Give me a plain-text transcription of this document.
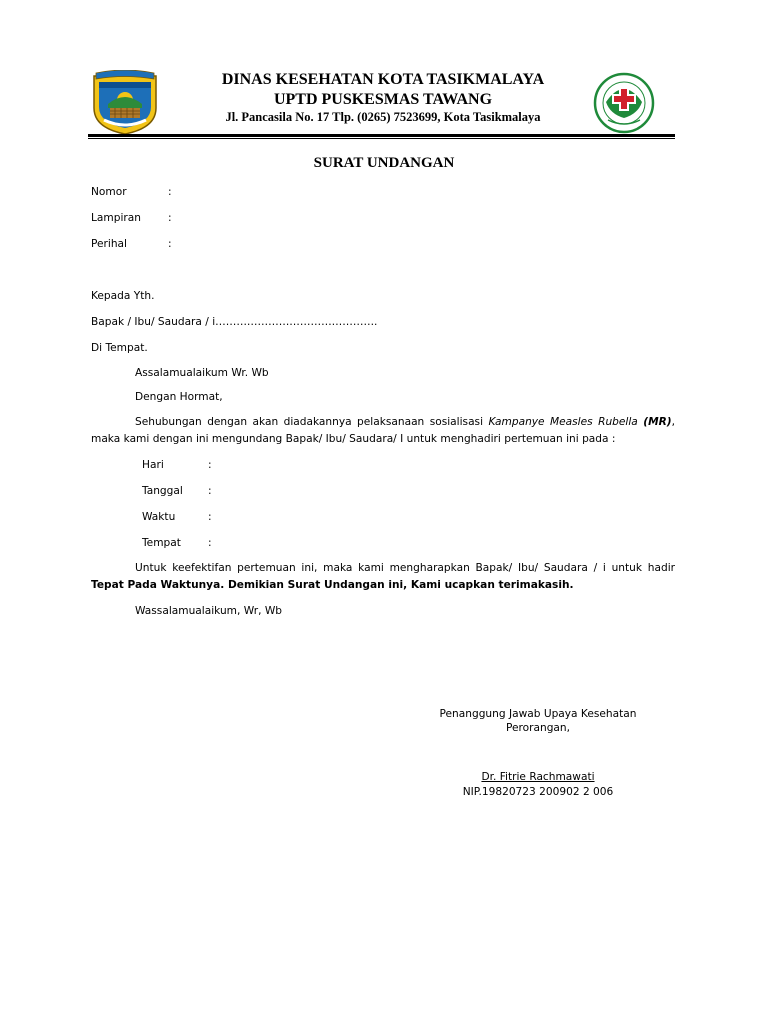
DINAS KESEHATAN KOTA TASIKMALAYA
UPTD PUSKESMAS TAWANG
Jl. Pancasila No. 17 Tlp. (0265) 7523699, Kota Tasikmalaya
SURAT UNDANGAN
Nomor	:
Lampiran	:
Perihal	:
Kepada Yth.
Bapak / Ibu/ Saudara / i……………………………………….
Di Tempat.
Assalamualaikum Wr. Wb
Dengan Hormat,
Sehubungan dengan akan diadakannya pelaksanaan sosialisasi Kampanye Measles Rubella (MR), maka kami dengan ini mengundang Bapak/ Ibu/ Saudara/ I untuk menghadiri pertemuan ini pada :
Hari	:
Tanggal :
Waktu	:
Tempat	:
Untuk keefektifan pertemuan ini, maka kami mengharapkan Bapak/ Ibu/ Saudara / i untuk hadir Tepat Pada Waktunya. Demikian Surat Undangan ini, Kami ucapkan terimakasih.
Wassalamualaikum, Wr, Wb
Penanggung Jawab Upaya Kesehatan
Perorangan,
Dr. Fitrie Rachmawati
NIP.19820723 200902 2 006
